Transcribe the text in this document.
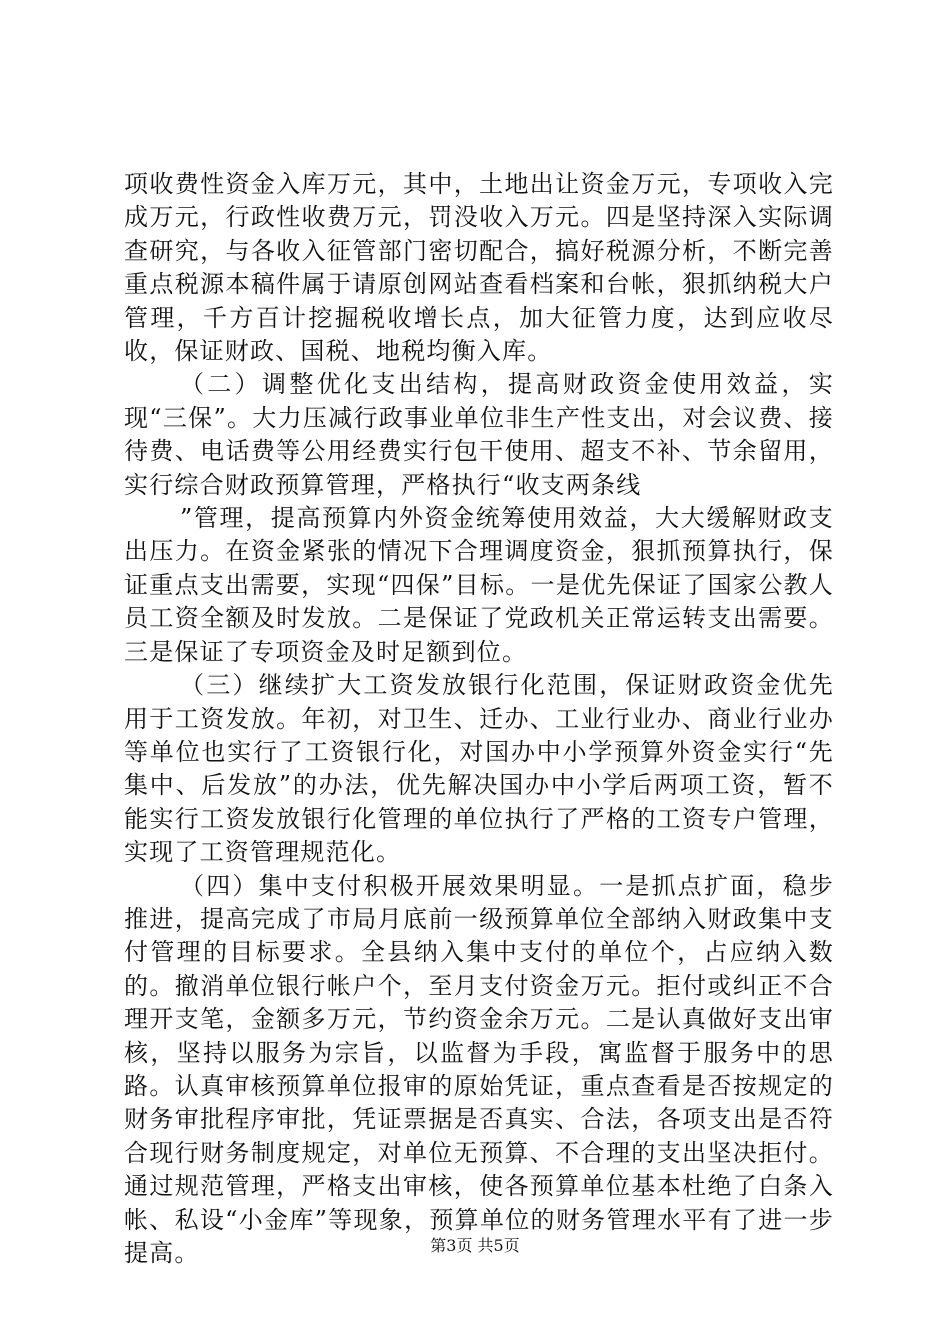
项收费性资金入库万元，其中，土地出让资金万元，专项收入完成万元，行政性收费万元，罚没收入万元。四是坚持深入实际调查研究，与各收入征管部门密切配合，搞好税源分析，不断完善重点税源本稿件属于请原创网站查看档案和台帐，狠抓纳税大户管理，千方百计挖掘税收增长点，加大征管力度，达到应收尽收，保证财政、国税、地税均衡入库。

（二）调整优化支出结构，提高财政资金使用效益，实现“三保”。大力压减行政事业单位非生产性支出，对会议费、接待费、电话费等公用经费实行包干使用、超支不补、节余留用，实行综合财政预算管理，严格执行“收支两条线

”管理，提高预算内外资金统筹使用效益，大大缓解财政支出压力。在资金紧张的情况下合理调度资金，狠抓预算执行，保证重点支出需要，实现“四保”目标。一是优先保证了国家公教人员工资全额及时发放。二是保证了党政机关正常运转支出需要。三是保证了专项资金及时足额到位。

（三）继续扩大工资发放银行化范围，保证财政资金优先用于工资发放。年初，对卫生、迁办、工业行业办、商业行业办等单位也实行了工资银行化，对国办中小学预算外资金实行“先集中、后发放”的办法，优先解决国办中小学后两项工资，暂不能实行工资发放银行化管理的单位执行了严格的工资专户管理，实现了工资管理规范化。

（四）集中支付积极开展效果明显。一是抓点扩面，稳步推进，提高完成了市局月底前一级预算单位全部纳入财政集中支付管理的目标要求。全县纳入集中支付的单位个，占应纳入数的。撤消单位银行帐户个，至月支付资金万元。拒付或纠正不合理开支笔，金额多万元，节约资金余万元。二是认真做好支出审核，坚持以服务为宗旨，以监督为手段，寓监督于服务中的思路。认真审核预算单位报审的原始凭证，重点查看是否按规定的财务审批程序审批，凭证票据是否真实、合法，各项支出是否符合现行财务制度规定，对单位无预算、不合理的支出坚决拒付。通过规范管理，严格支出审核，使各预算单位基本杜绝了白条入帐、私设“小金库”等现象，预算单位的财务管理水平有了进一步提高。	第3页 共5页
